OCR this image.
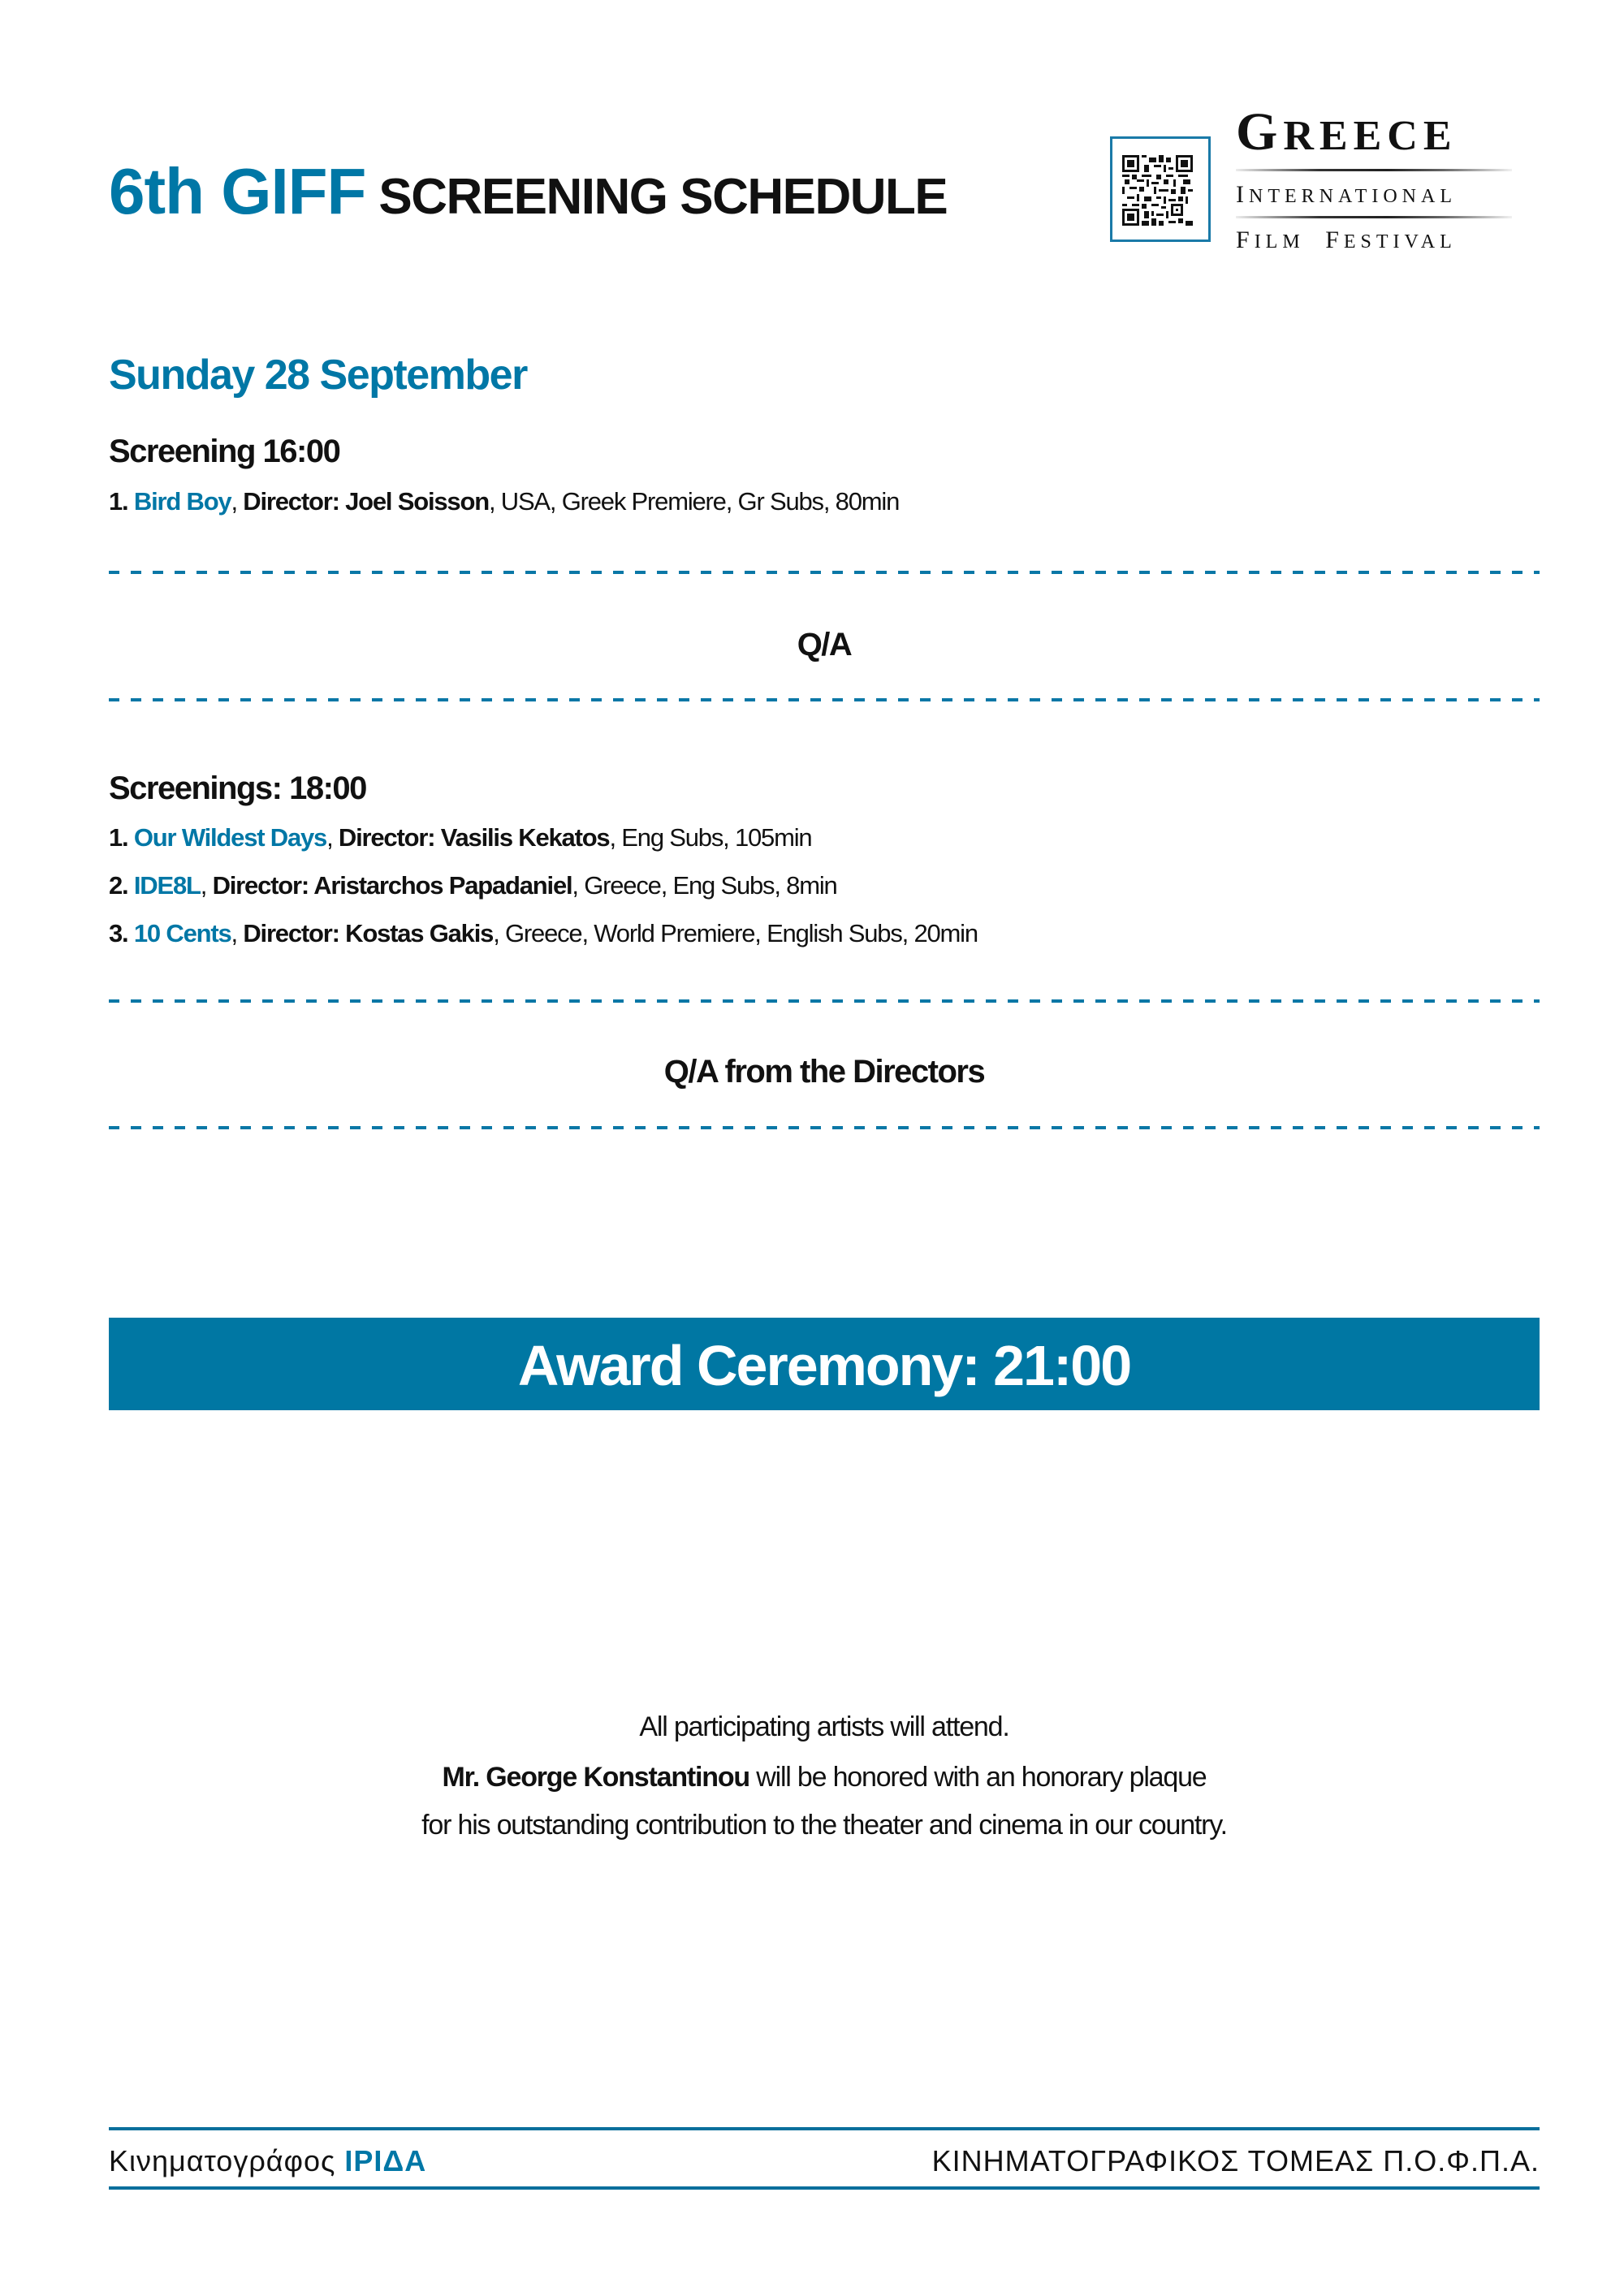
6th GIFF SCREENING SCHEDULE
GREECE
INTERNATIONAL
FILM FESTIVAL
Sunday 28 September
Screening 16:00
1. Bird Boy, Director: Joel Soisson, USA, Greek Premiere, Gr Subs, 80min
Q/A
Screenings: 18:00
1. Our Wildest Days, Director: Vasilis Kekatos, Eng Subs, 105min
2. IDE8L, Director: Aristarchos Papadaniel, Greece, Eng Subs, 8min
3. 10 Cents, Director: Kostas Gakis, Greece, World Premiere, English Subs, 20min
Q/A from the Directors
Award Ceremony: 21:00
All participating artists will attend.
Mr. George Konstantinou will be honored with an honorary plaque
for his outstanding contribution to the theater and cinema in our country.
Κινηματογράφος ΙΡΙΔΑ	ΚΙΝΗΜΑΤΟΓΡΑΦΙΚΟΣ ΤΟΜΕΑΣ Π.Ο.Φ.Π.Α.
